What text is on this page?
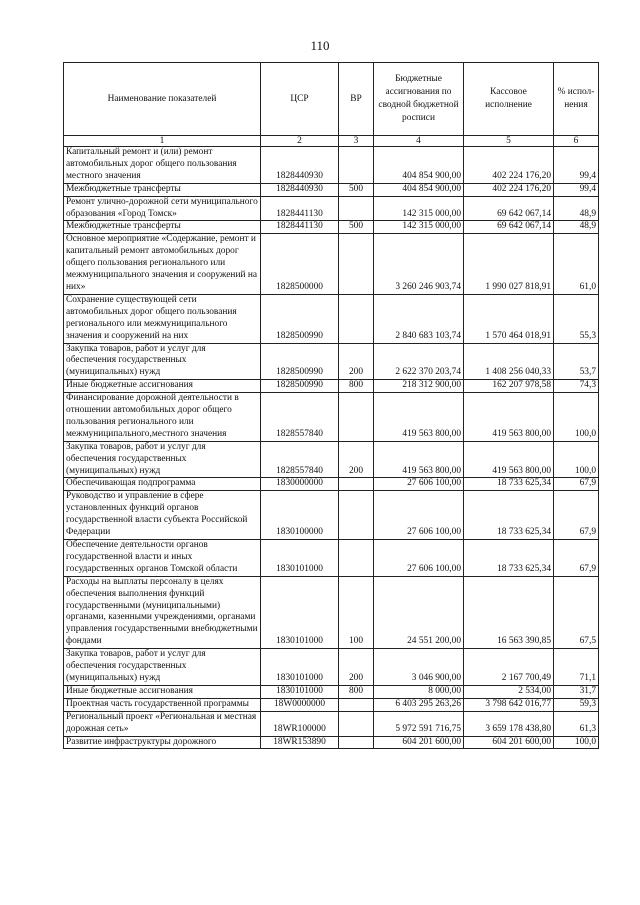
110
Наименование показателей	ЦСР	ВР	Бюджетные ассигнования по сводной бюджетной росписи	Кассовое исполнение	% испол-нения
1	2	3	4	5	6
Капитальный ремонт и (или) ремонт автомобильных дорог общего пользования местного значения	1828440930		404 854 900,00	402 224 176,20	99,4
Межбюджетные трансферты	1828440930	500	404 854 900,00	402 224 176,20	99,4
Ремонт улично-дорожной сети муниципального образования «Город Томск»	1828441130		142 315 000,00	69 642 067,14	48,9
Межбюджетные трансферты	1828441130	500	142 315 000,00	69 642 067,14	48,9
Основное мероприятие «Содержание, ремонт и капитальный ремонт автомобильных дорог общего пользования регионального или межмуниципального значения и сооружений на них»	1828500000		3 260 246 903,74	1 990 027 818,91	61,0
Сохранение существующей сети автомобильных дорог общего пользования регионального или межмуниципального значения и сооружений на них	1828500990		2 840 683 103,74	1 570 464 018,91	55,3
Закупка товаров, работ и услуг для обеспечения государственных (муниципальных) нужд	1828500990	200	2 622 370 203,74	1 408 256 040,33	53,7
Иные бюджетные ассигнования	1828500990	800	218 312 900,00	162 207 978,58	74,3
Финансирование дорожной деятельности в отношении автомобильных дорог общего пользования регионального или межмуниципального,местного значения	1828557840		419 563 800,00	419 563 800,00	100,0
Закупка товаров, работ и услуг для обеспечения государственных (муниципальных) нужд	1828557840	200	419 563 800,00	419 563 800,00	100,0
Обеспечивающая подпрограмма	1830000000		27 606 100,00	18 733 625,34	67,9
Руководство и управление в сфере установленных функций органов государственной власти субъекта Российской Федерации	1830100000		27 606 100,00	18 733 625,34	67,9
Обеспечение деятельности органов государственной власти и иных государственных органов Томской области	1830101000		27 606 100,00	18 733 625,34	67,9
Расходы на выплаты персоналу в целях обеспечения выполнения функций государственными (муниципальными) органами, казенными учреждениями, органами управления государственными внебюджетными фондами	1830101000	100	24 551 200,00	16 563 390,85	67,5
Закупка товаров, работ и услуг для обеспечения государственных (муниципальных) нужд	1830101000	200	3 046 900,00	2 167 700,49	71,1
Иные бюджетные ассигнования	1830101000	800	8 000,00	2 534,00	31,7
Проектная часть государственной программы	18W0000000		6 403 295 263,26	3 798 642 016,77	59,3
Региональный проект «Региональная и местная дорожная сеть»	18WR100000		5 972 591 716,75	3 659 178 438,80	61,3
Развитие инфраструктуры дорожного	18WR153890		604 201 600,00	604 201 600,00	100,0
